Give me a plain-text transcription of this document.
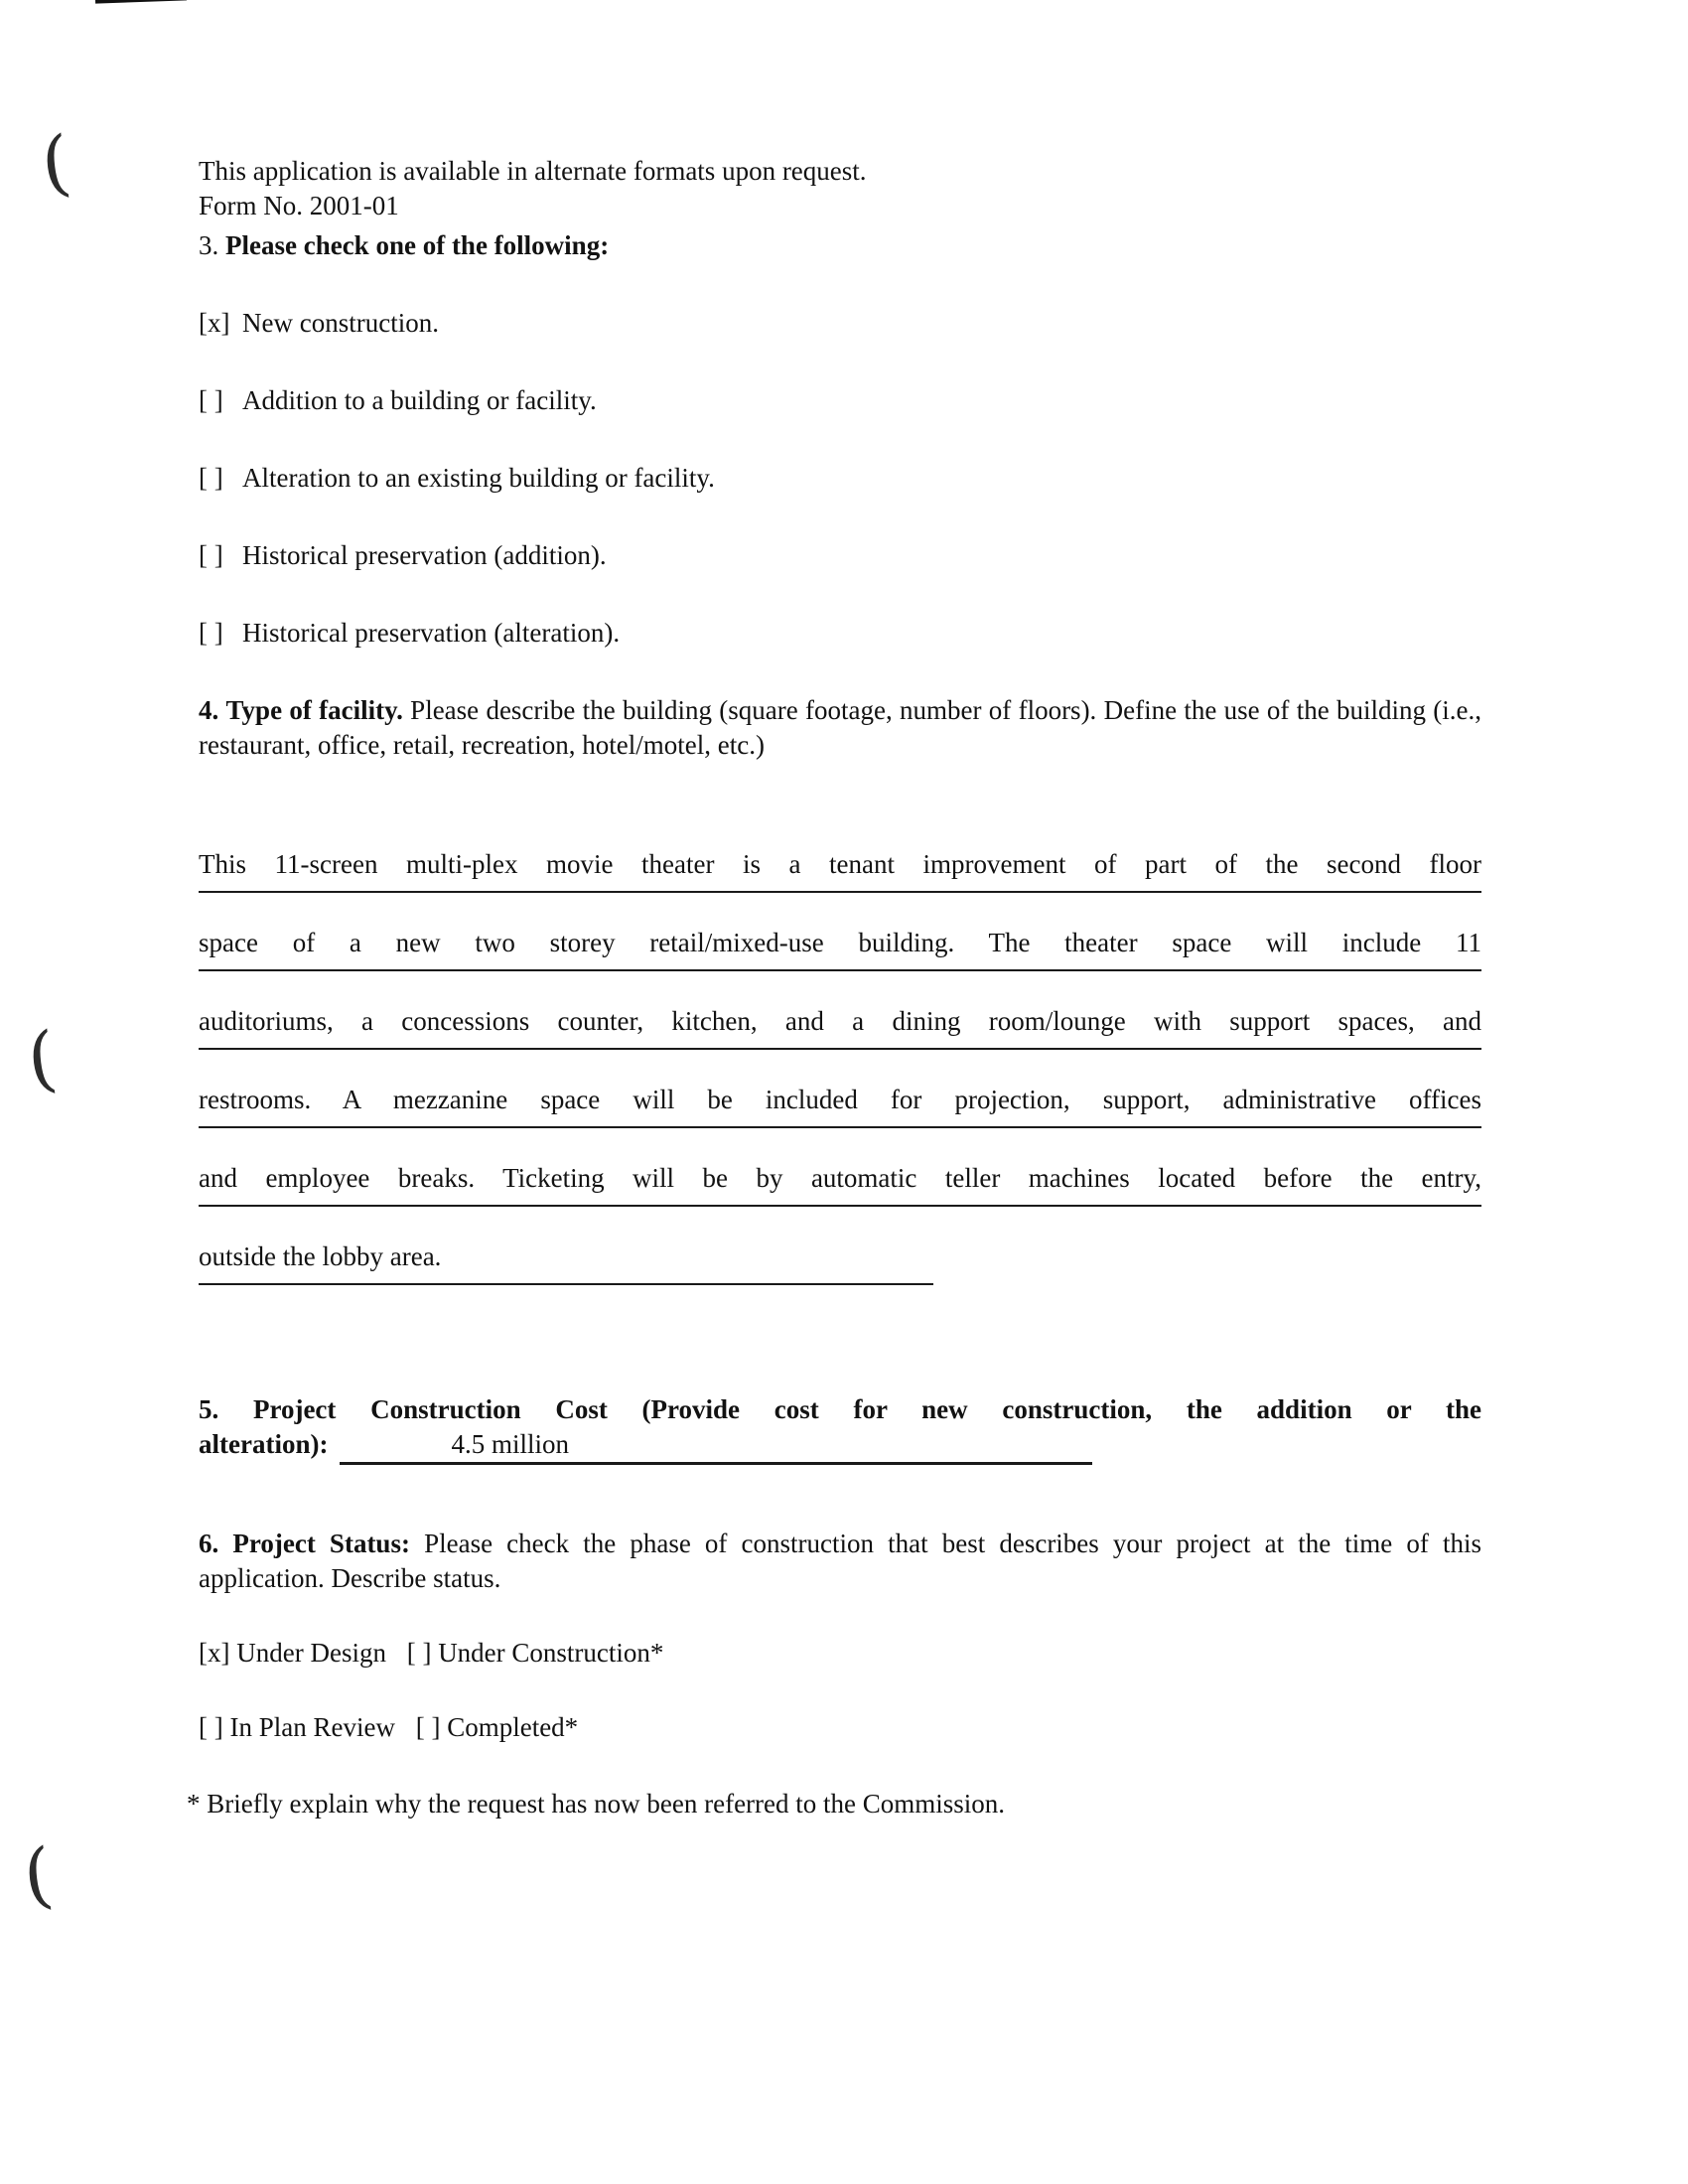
(
(
(

This application is available in alternate formats upon request.

Form No. 2001-01

3. Please check one of the following:

[x] New construction.
[ ] Addition to a building or facility.
[ ] Alteration to an existing building or facility.
[ ] Historical preservation (addition).
[ ] Historical preservation (alteration).

4. Type of facility. Please describe the building (square footage, number of floors). Define the use of the building (i.e., restaurant, office, retail, recreation, hotel/motel, etc.)

This 11-screen multi-plex movie theater is a tenant improvement of part of the second floor
space of a new two storey retail/mixed-use building. The theater space will include 11
auditoriums, a concessions counter, kitchen, and a dining room/lounge with support spaces, and
restrooms. A mezzanine space will be included for projection, support, administrative offices
and employee breaks. Ticketing will be by automatic teller machines located before the entry,
outside the lobby area.

5. Project Construction Cost (Provide cost for new construction, the addition or the

alteration):	4.5 million

6. Project Status: Please check the phase of construction that best describes your project at the time of this application. Describe status.

[x] Under Design [ ] Under Construction*
[ ] In Plan Review [ ] Completed*

* Briefly explain why the request has now been referred to the Commission.
